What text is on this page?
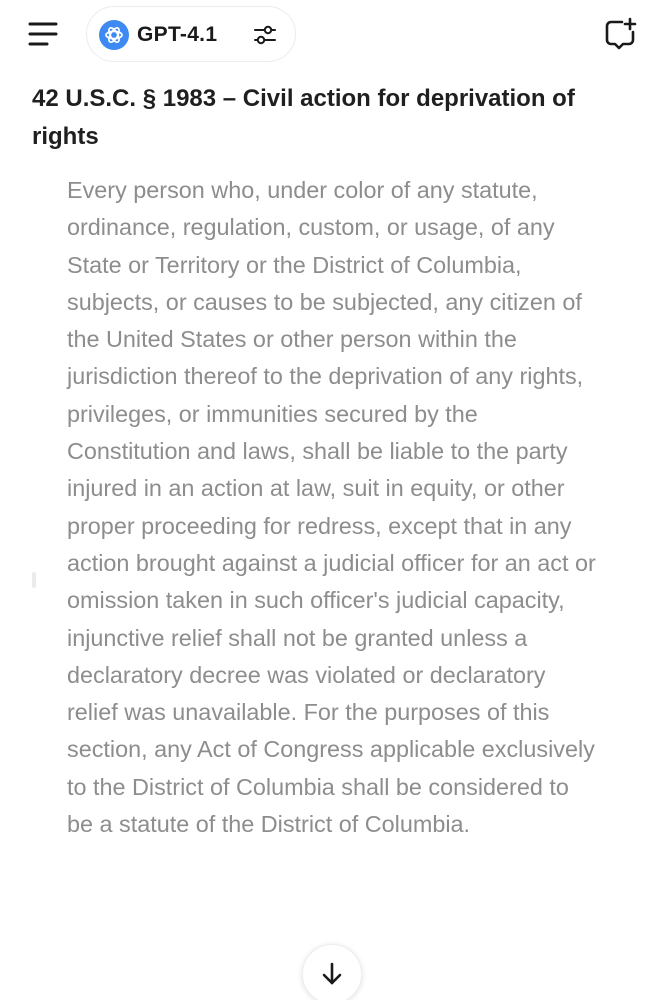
GPT-4.1
42 U.S.C. § 1983 – Civil action for deprivation of rights

Every person who, under color of any statute, ordinance, regulation, custom, or usage, of any State or Territory or the District of Columbia, subjects, or causes to be subjected, any citizen of the United States or other person within the jurisdiction thereof to the deprivation of any rights, privileges, or immunities secured by the Constitution and laws, shall be liable to the party injured in an action at law, suit in equity, or other proper proceeding for redress, except that in any action brought against a judicial officer for an act or omission taken in such officer's judicial capacity, injunctive relief shall not be granted unless a declaratory decree was violated or declaratory relief was unavailable. For the purposes of this section, any Act of Congress applicable exclusively to the District of Columbia shall be considered to be a statute of the District of Columbia.
